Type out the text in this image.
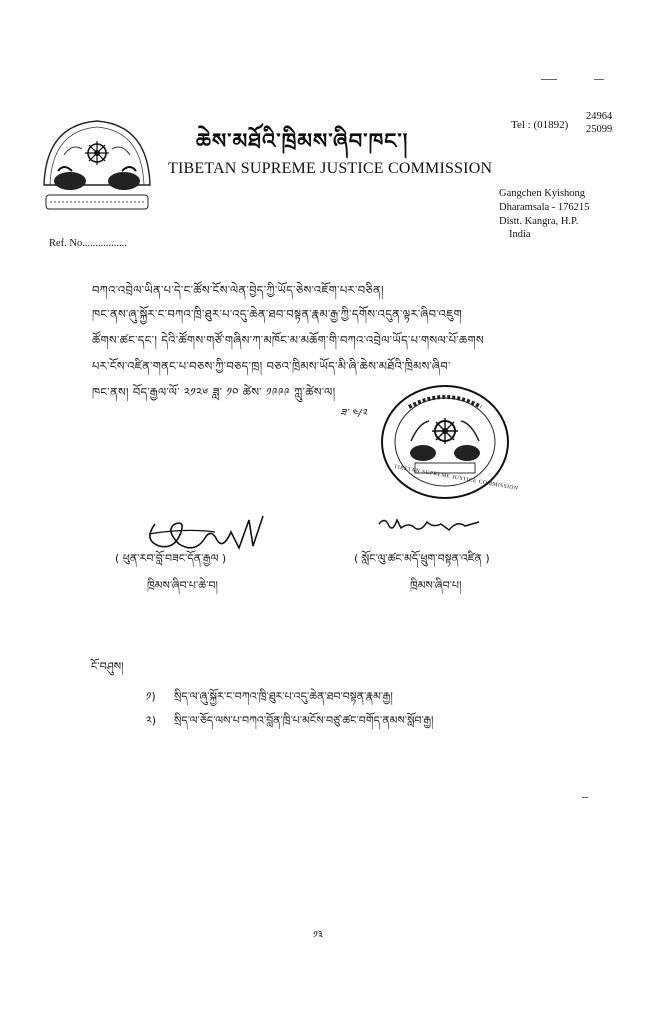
ཆེས་མཐོའི་ཁྲིམས་ཞིབ་ཁང་།
TIBETAN SUPREME JUSTICE COMMISSION
Tel : (01892)
24964
25099
Gangchen Kyishong
Dharamsala - 176215
Distt. Kangra, H.P.
India
Ref. No.................
བཀའ་འབྲེལ་ཡིན་པ་དེ་ང་ཚོས་ངོས་ལེན་བྱེད་ཀྱི་ཡོད་ཅེས་འཇོག་པར་བཅིན།
ཁང་ནས་ཞུ་སྐྱོར་ང་བཀའ་ཁྲི་ཐུར་པ་འདུ་ཆེན་ཐབ་བསྟན་རྣམ་རྒྱ་ཀྱི་དགོས་འདུན་ལྟར་ཞིབ་འཇུག
ཚོགས་ཚང་དང་། དེའི་ཚོགས་གཙོ་གཞིས་ཀ་མཁོང་མ་མཆོག་གི་བཀའ་འབྲེལ་ཡོད་པ་གསལ་པོ་ཆགས
པར་ངོས་འཛིན་གནང་པ་བཅས་ཀྱི་བཅད་ཁྲ། བཅའ་ཁྲིམས་ཡོད་མི་ཞི་ཆེས་མཐོའི་ཁྲིམས་ཞིབ་
ཁང་ནས། བོད་རྒྱལ་ལོ་ ༢༡༢༦ ཟླ་ ༡༠ ཚེས་ ༡༩༩༩ ཀླུ་ཚེས་ལ།
ཟ་ ༤/༢
TIBETAN SUPREME JUSTICE COMMISSION
( ཕུན་རབ་བློ་བཟང་དོན་རྒྱལ )
ཁྲིམས་ཞིབ་པ་ཆེ་བ།
( སློང་ལུ་ཚང་མདོ་ཕྲུག་བསྟན་འཛིན )
ཁྲིམས་ཞིབ་པ།
ངོ་བཤུས།
༡) སྲིད་ལ་ཞུ་སྐྱོར་ང་བཀའ་ཁྲི་ཐུར་པ་འདུ་ཆེན་ཐབ་བསྟན་རྣམ་རྒྱ།
༢) སྲིད་ལ་ཅོད་ལས་པ་བཀའ་བློན་ཁྲི་པ་མངོས་བཙུ་ཚང་བགོད་ནམས་སློབ་རྒྱ།
༡༣
